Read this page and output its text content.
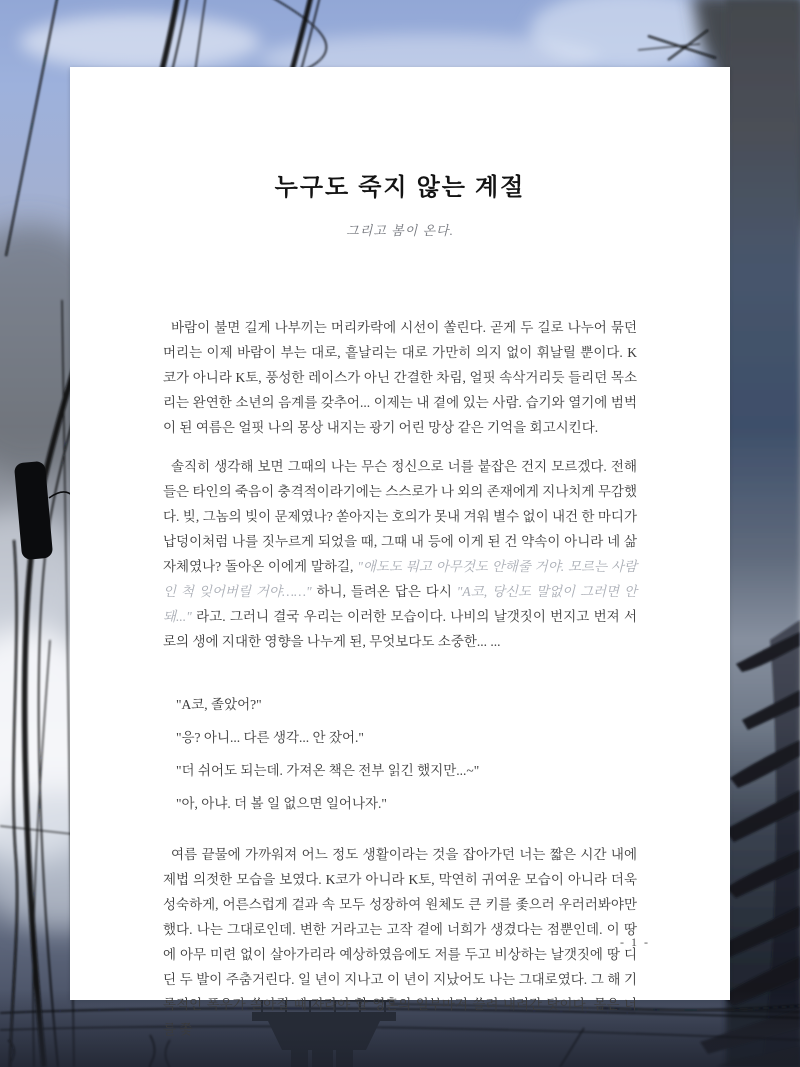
누구도 죽지 않는 계절
그리고 봄이 온다.

바람이 불면 길게 나부끼는 머리카락에 시선이 쏠린다. 곧게 두 길로 나누어 묶던 머리는 이제 바람이 부는 대로, 흩날리는 대로 가만히 의지 없이 휘날릴 뿐이다. K코가 아니라 K토, 풍성한 레이스가 아닌 간결한 차림, 얼핏 속삭거리듯 들리던 목소리는 완연한 소년의 음계를 갖추어... 이제는 내 곁에 있는 사람. 습기와 열기에 범벅이 된 여름은 얼핏 나의 몽상 내지는 광기 어린 망상 같은 기억을 회고시킨다.

솔직히 생각해 보면 그때의 나는 무슨 정신으로 너를 붙잡은 건지 모르겠다. 전해 들은 타인의 죽음이 충격적이라기에는 스스로가 나 외의 존재에게 지나치게 무감했다. 빚, 그놈의 빚이 문제였나? 쏟아지는 호의가 못내 겨워 별수 없이 내건 한 마디가 납덩이처럼 나를 짓누르게 되었을 때, 그때 내 등에 이게 된 건 약속이 아니라 네 삶 자체였나? 돌아온 이에게 말하길, "애도도 뭐고 아무것도 안해줄 거야. 모르는 사람인 척 잊어버릴 거야……" 하니, 들려온 답은 다시 "A코, 당신도 말없이 그러면 안 돼..." 라고. 그러니 결국 우리는 이러한 모습이다. 나비의 날갯짓이 번지고 번져 서로의 생에 지대한 영향을 나누게 된, 무엇보다도 소중한... ...

"A코, 졸았어?"

"응? 아니... 다른 생각... 안 잤어."

"더 쉬어도 되는데. 가져온 책은 전부 읽긴 했지만...~"

"아, 아냐. 더 볼 일 없으면 일어나자."

여름 끝물에 가까워져 어느 정도 생활이라는 것을 잡아가던 너는 짧은 시간 내에 제법 의젓한 모습을 보였다. K코가 아니라 K토, 막연히 귀여운 모습이 아니라 더욱 성숙하게, 어른스럽게 겉과 속 모두 성장하여 원체도 큰 키를 좇으러 우러러봐야만 했다. 나는 그대로인데. 변한 거라고는 고작 곁에 너희가 생겼다는 점뿐인데. 이 땅에 아무 미련 없이 살아가리라 예상하였음에도 저를 두고 비상하는 날갯짓에 땅 디딘 두 발이 주춤거린다. 일 년이 지나고 이 년이 지났어도 나는 그대로였다. 그 해 기록적인 폭우가 쏟아질 때 자라야 할 영혼의 일부마저 쓸려 내려간 탓이다. 몸은 너를 쫓

- 1 -
